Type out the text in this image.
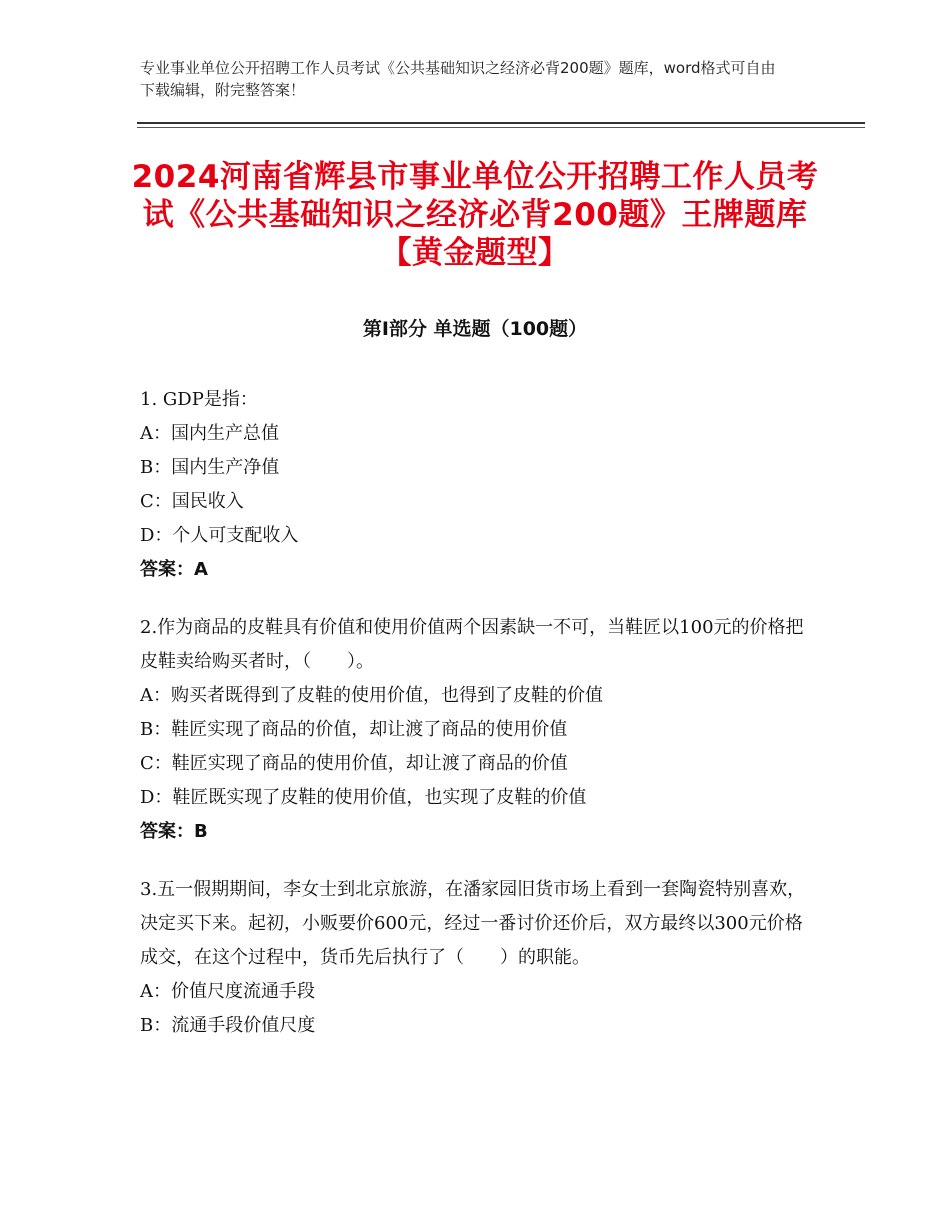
专业事业单位公开招聘工作人员考试《公共基础知识之经济必背200题》题库，word格式可自由下载编辑，附完整答案！
2024河南省辉县市事业单位公开招聘工作人员考试《公共基础知识之经济必背200题》王牌题库【黄金题型】
第Ⅰ部分 单选题（100题）
1. GDP是指：
A：国内生产总值
B：国内生产净值
C：国民收入
D：个人可支配收入
答案：A
2.作为商品的皮鞋具有价值和使用价值两个因素缺一不可，当鞋匠以100元的价格把皮鞋卖给购买者时，（　　）。
A：购买者既得到了皮鞋的使用价值，也得到了皮鞋的价值
B：鞋匠实现了商品的价值，却让渡了商品的使用价值
C：鞋匠实现了商品的使用价值，却让渡了商品的价值
D：鞋匠既实现了皮鞋的使用价值，也实现了皮鞋的价值
答案：B
3.五一假期期间，李女士到北京旅游，在潘家园旧货市场上看到一套陶瓷特别喜欢，决定买下来。起初，小贩要价600元，经过一番讨价还价后，双方最终以300元价格成交，在这个过程中，货币先后执行了（　　）的职能。
A：价值尺度流通手段
B：流通手段价值尺度
